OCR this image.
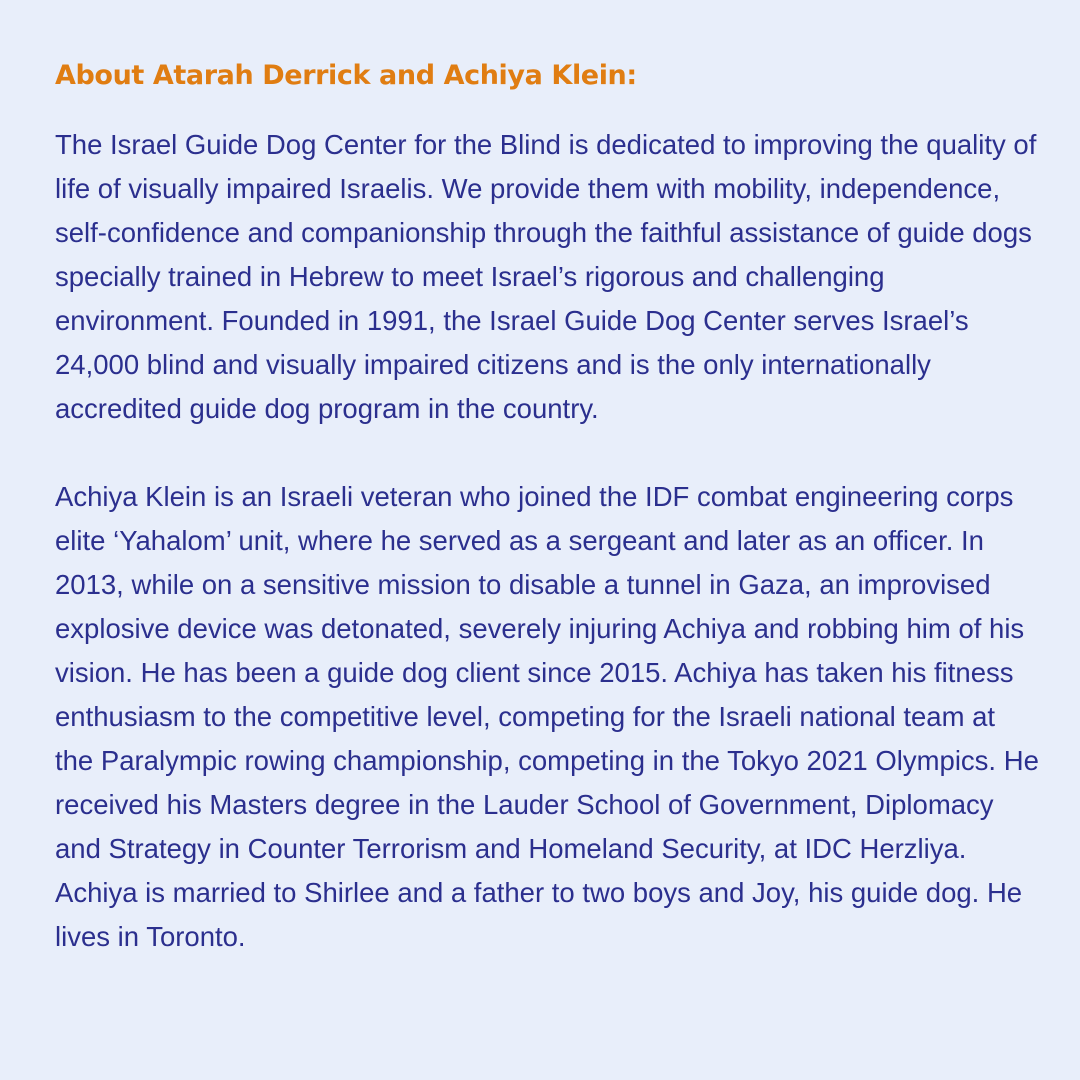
About Atarah Derrick and Achiya Klein:

The Israel Guide Dog Center for the Blind is dedicated to improving the quality of life of visually impaired Israelis. We provide them with mobility, independence, self-confidence and companionship through the faithful assistance of guide dogs specially trained in Hebrew to meet Israel’s rigorous and challenging environment. Founded in 1991, the Israel Guide Dog Center serves Israel’s 24,000 blind and visually impaired citizens and is the only internationally accredited guide dog program in the country.

Achiya Klein is an Israeli veteran who joined the IDF combat engineering corps elite ‘Yahalom’ unit, where he served as a sergeant and later as an officer. In 2013, while on a sensitive mission to disable a tunnel in Gaza, an improvised explosive device was detonated, severely injuring Achiya and robbing him of his vision. He has been a guide dog client since 2015. Achiya has taken his fitness enthusiasm to the competitive level, competing for the Israeli national team at the Paralympic rowing championship, competing in the Tokyo 2021 Olympics. He received his Masters degree in the Lauder School of Government, Diplomacy and Strategy in Counter Terrorism and Homeland Security, at IDC Herzliya. Achiya is married to Shirlee and a father to two boys and Joy, his guide dog. He lives in Toronto.
